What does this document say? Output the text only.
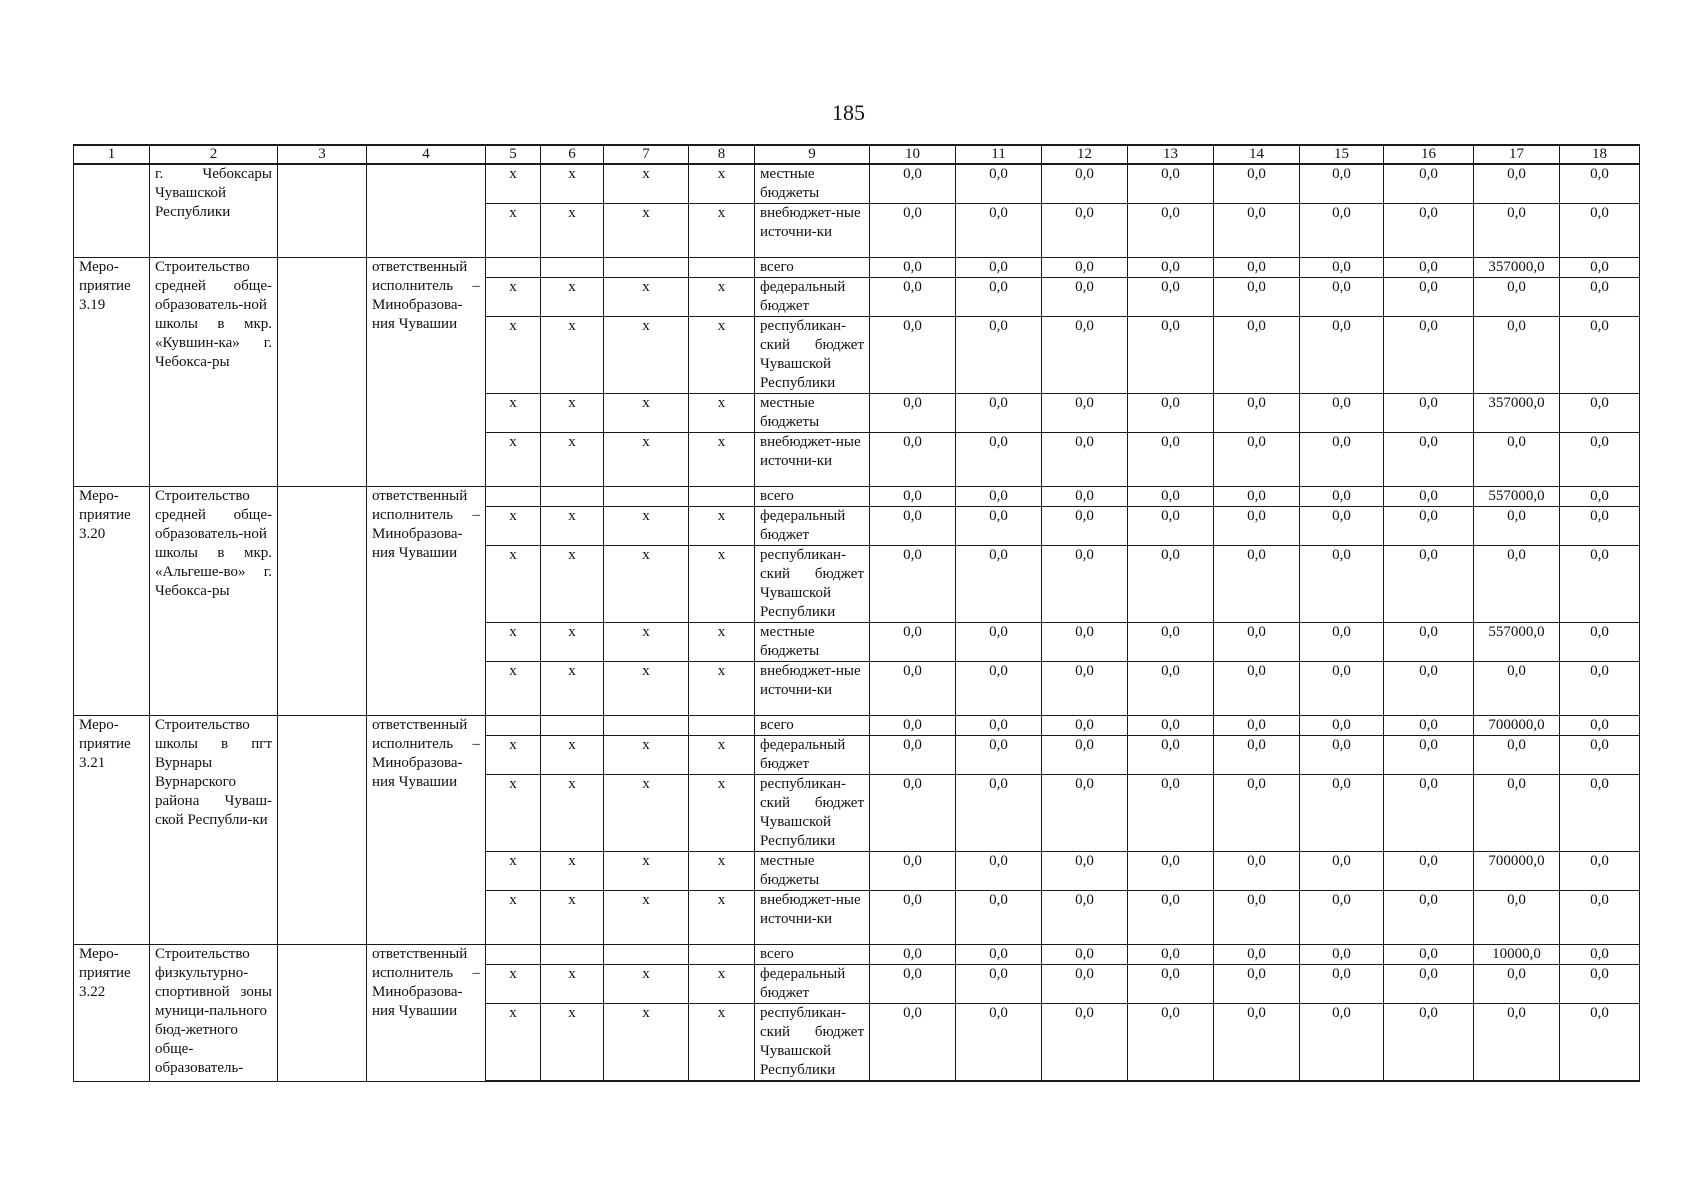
185
1	2	3	4	5	6	7	8	9	10	11	12	13	14	15	16	17	18
	г. Чебоксары Чувашской Республики			х	х	х	х	местные бюджеты	0,0	0,0	0,0	0,0	0,0	0,0	0,0	0,0	0,0
				х	х	х	х	внебюджет-ные источни-ки	0,0	0,0	0,0	0,0	0,0	0,0	0,0	0,0	0,0
Меро-приятие 3.19	Строительство средней обще-образователь-ной школы в мкр. «Кувшин-ка» г. Чебокса-ры		ответственный исполнитель – Минобразова-ния Чувашии					всего	0,0	0,0	0,0	0,0	0,0	0,0	0,0	357000,0	0,0
				х	х	х	х	федеральный бюджет	0,0	0,0	0,0	0,0	0,0	0,0	0,0	0,0	0,0
				х	х	х	х	республикан-ский бюджет Чувашской Республики	0,0	0,0	0,0	0,0	0,0	0,0	0,0	0,0	0,0
				х	х	х	х	местные бюджеты	0,0	0,0	0,0	0,0	0,0	0,0	0,0	357000,0	0,0
				х	х	х	х	внебюджет-ные источни-ки	0,0	0,0	0,0	0,0	0,0	0,0	0,0	0,0	0,0
Меро-приятие 3.20	Строительство средней обще-образователь-ной школы в мкр. «Альгеше-во» г. Чебокса-ры		ответственный исполнитель – Минобразова-ния Чувашии					всего	0,0	0,0	0,0	0,0	0,0	0,0	0,0	557000,0	0,0
				х	х	х	х	федеральный бюджет	0,0	0,0	0,0	0,0	0,0	0,0	0,0	0,0	0,0
				х	х	х	х	республикан-ский бюджет Чувашской Республики	0,0	0,0	0,0	0,0	0,0	0,0	0,0	0,0	0,0
				х	х	х	х	местные бюджеты	0,0	0,0	0,0	0,0	0,0	0,0	0,0	557000,0	0,0
				х	х	х	х	внебюджет-ные источни-ки	0,0	0,0	0,0	0,0	0,0	0,0	0,0	0,0	0,0
Меро-приятие 3.21	Строительство школы в пгт Вурнары Вурнарского района Чуваш-ской Республи-ки		ответственный исполнитель – Минобразова-ния Чувашии					всего	0,0	0,0	0,0	0,0	0,0	0,0	0,0	700000,0	0,0
				х	х	х	х	федеральный бюджет	0,0	0,0	0,0	0,0	0,0	0,0	0,0	0,0	0,0
				х	х	х	х	республикан-ский бюджет Чувашской Республики	0,0	0,0	0,0	0,0	0,0	0,0	0,0	0,0	0,0
				х	х	х	х	местные бюджеты	0,0	0,0	0,0	0,0	0,0	0,0	0,0	700000,0	0,0
				х	х	х	х	внебюджет-ные источни-ки	0,0	0,0	0,0	0,0	0,0	0,0	0,0	0,0	0,0
Меро-приятие 3.22	Строительство физкультурно-спортивной зоны муници-пального бюд-жетного обще-образователь-		ответственный исполнитель – Минобразова-ния Чувашии					всего	0,0	0,0	0,0	0,0	0,0	0,0	0,0	10000,0	0,0
				х	х	х	х	федеральный бюджет	0,0	0,0	0,0	0,0	0,0	0,0	0,0	0,0	0,0
				х	х	х	х	республикан-ский бюджет Чувашской Республики	0,0	0,0	0,0	0,0	0,0	0,0	0,0	0,0	0,0
